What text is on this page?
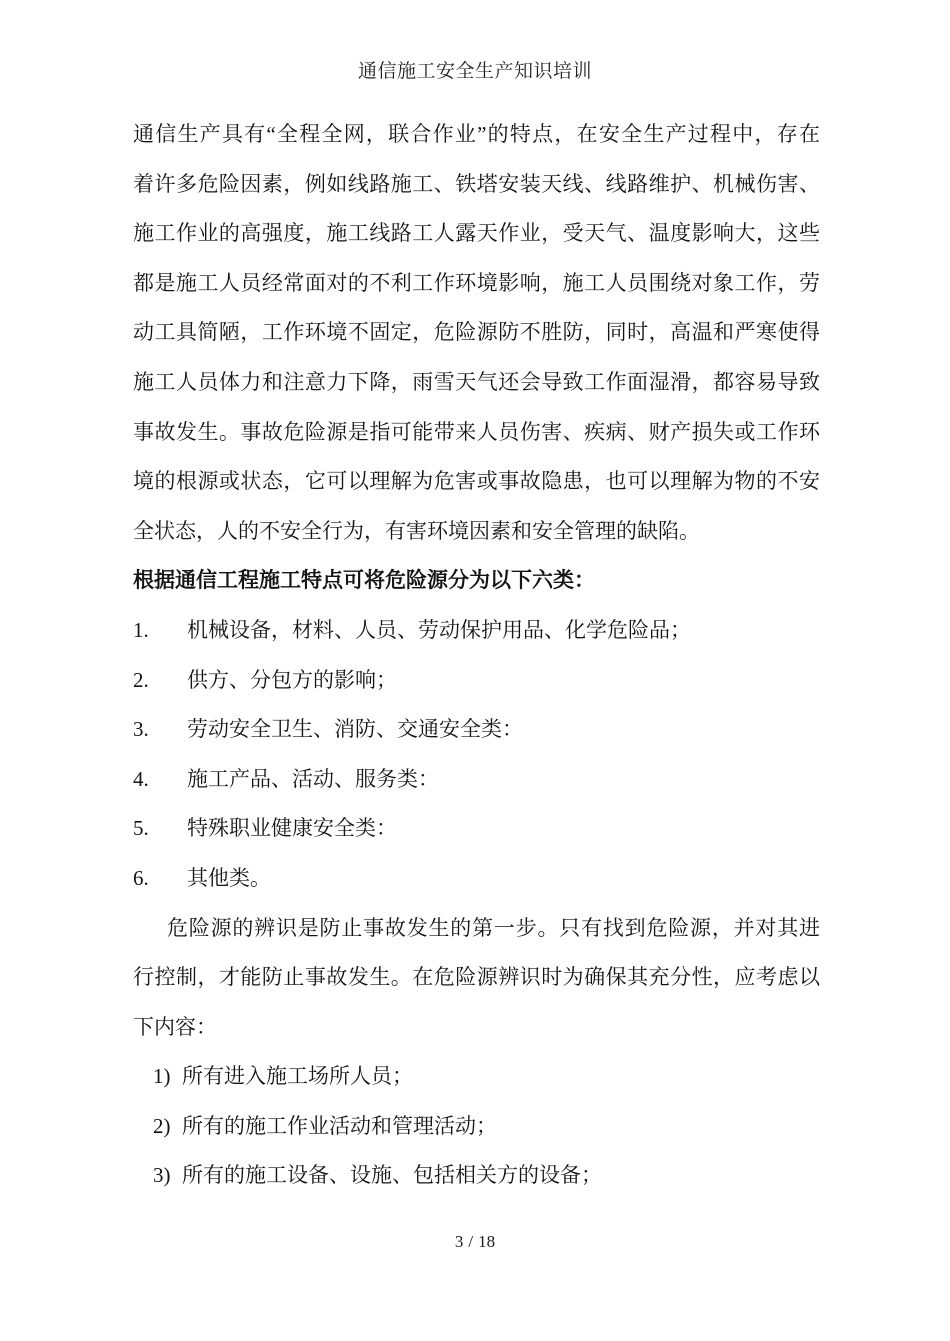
通信施工安全生产知识培训
通信生产具有“全程全网，联合作业”的特点，在安全生产过程中，存在
着许多危险因素，例如线路施工、铁塔安装天线、线路维护、机械伤害、
施工作业的高强度，施工线路工人露天作业，受天气、温度影响大，这些
都是施工人员经常面对的不利工作环境影响，施工人员围绕对象工作，劳
动工具简陋，工作环境不固定，危险源防不胜防，同时，高温和严寒使得
施工人员体力和注意力下降，雨雪天气还会导致工作面湿滑，都容易导致
事故发生。事故危险源是指可能带来人员伤害、疾病、财产损失或工作环
境的根源或状态，它可以理解为危害或事故隐患，也可以理解为物的不安
全状态，人的不安全行为，有害环境因素和安全管理的缺陷。
根据通信工程施工特点可将危险源分为以下六类：
1.	机械设备，材料、人员、劳动保护用品、化学危险品；
2.	供方、分包方的影响；
3.	劳动安全卫生、消防、交通安全类：
4.	施工产品、活动、服务类：
5.	特殊职业健康安全类：
6.	其他类。
危险源的辨识是防止事故发生的第一步。只有找到危险源，并对其进
行控制，才能防止事故发生。在危险源辨识时为确保其充分性，应考虑以
下内容：
1) 所有进入施工场所人员；
2) 所有的施工作业活动和管理活动；
3) 所有的施工设备、设施、包括相关方的设备；
3 / 18
